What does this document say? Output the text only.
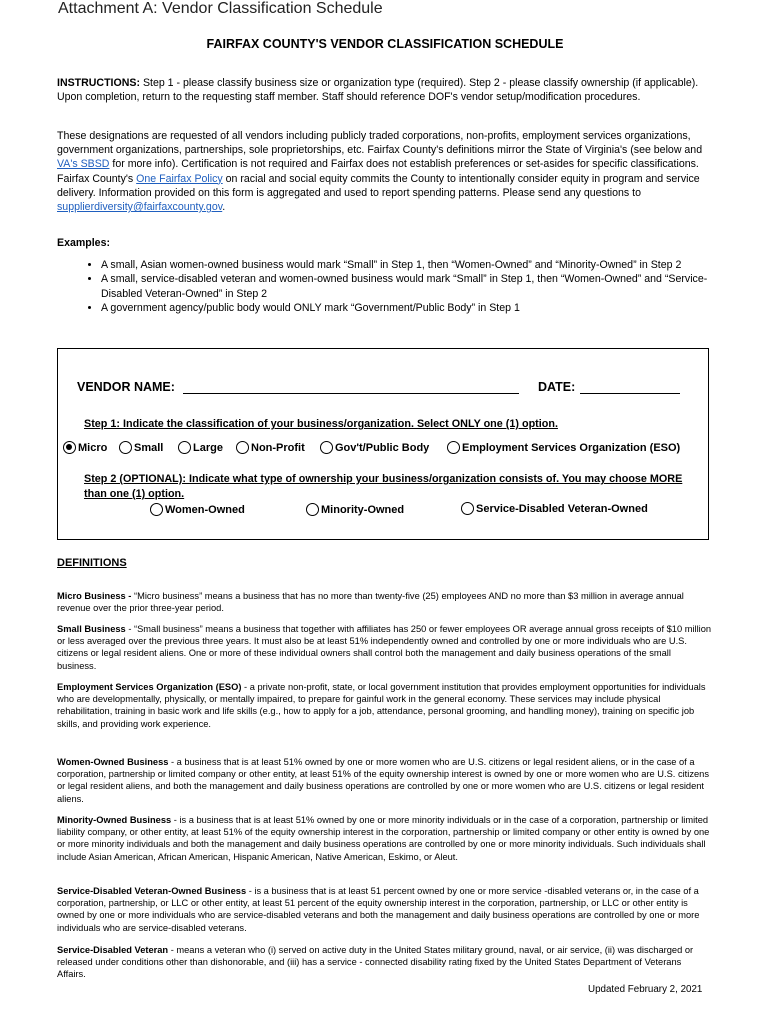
Attachment A: Vendor Classification Schedule
FAIRFAX COUNTY'S VENDOR CLASSIFICATION SCHEDULE
INSTRUCTIONS: Step 1 - please classify business size or organization type (required). Step 2 - please classify ownership (if applicable). Upon completion, return to the requesting staff member. Staff should reference DOF's vendor setup/modification procedures.
These designations are requested of all vendors including publicly traded corporations, non-profits, employment services organizations, government organizations, partnerships, sole proprietorships, etc. Fairfax County's definitions mirror the State of Virginia's (see below and VA's SBSD for more info). Certification is not required and Fairfax does not establish preferences or set-asides for specific classifications. Fairfax County's One Fairfax Policy on racial and social equity commits the County to intentionally consider equity in program and service delivery. Information provided on this form is aggregated and used to report spending patterns. Please send any questions to supplierdiversity@fairfaxcounty.gov.
Examples:
• A small, Asian women-owned business would mark “Small” in Step 1, then “Women-Owned” and “Minority-Owned” in Step 2
• A small, service-disabled veteran and women-owned business would mark “Small” in Step 1, then “Women-Owned” and “Service-Disabled Veteran-Owned” in Step 2
• A government agency/public body would ONLY mark “Government/Public Body” in Step 1
VENDOR NAME:	DATE:
Step 1: Indicate the classification of your business/organization. Select ONLY one (1) option.
Micro Small	Large	Non-Profit	Gov't/Public Body	Employment Services Organization (ESO)
Step 2 (OPTIONAL): Indicate what type of ownership your business/organization consists of. You may choose MORE than one (1) option.
Women-Owned	Minority-Owned	Service-Disabled Veteran-Owned
DEFINITIONS
Micro Business - “Micro business” means a business that has no more than twenty-five (25) employees AND no more than $3 million in average annual revenue over the prior three-year period.
Small Business - “Small business” means a business that together with affiliates has 250 or fewer employees OR average annual gross receipts of $10 million or less averaged over the previous three years. It must also be at least 51% independently owned and controlled by one or more individuals who are U.S. citizens or legal resident aliens. One or more of these individual owners shall control both the management and daily business operations of the small business.
Employment Services Organization (ESO) - a private non-profit, state, or local government institution that provides employment opportunities for individuals who are developmentally, physically, or mentally impaired, to prepare for gainful work in the general economy. These services may include physical rehabilitation, training in basic work and life skills (e.g., how to apply for a job, attendance, personal grooming, and handling money), training on specific job skills, and providing work experience.
Women-Owned Business - a business that is at least 51% owned by one or more women who are U.S. citizens or legal resident aliens, or in the case of a corporation, partnership or limited company or other entity, at least 51% of the equity ownership interest is owned by one or more women who are U.S. citizens or legal resident aliens, and both the management and daily business operations are controlled by one or more women who are U.S. citizens or legal resident aliens.
Minority-Owned Business - is a business that is at least 51% owned by one or more minority individuals or in the case of a corporation, partnership or limited liability company, or other entity, at least 51% of the equity ownership interest in the corporation, partnership or limited company or other entity is owned by one or more minority individuals and both the management and daily business operations are controlled by one or more minority individuals. Such individuals shall include Asian American, African American, Hispanic American, Native American, Eskimo, or Aleut.
Service-Disabled Veteran-Owned Business - is a business that is at least 51 percent owned by one or more service -disabled veterans or, in the case of a corporation, partnership, or LLC or other entity, at least 51 percent of the equity ownership interest in the corporation, partnership, or LLC or other entity is owned by one or more individuals who are service-disabled veterans and both the management and daily business operations are controlled by one or more individuals who are service-disabled veterans.
Service-Disabled Veteran - means a veteran who (i) served on active duty in the United States military ground, naval, or air service, (ii) was discharged or released under conditions other than dishonorable, and (iii) has a service - connected disability rating fixed by the United States Department of Veterans Affairs.
Updated February 2, 2021
